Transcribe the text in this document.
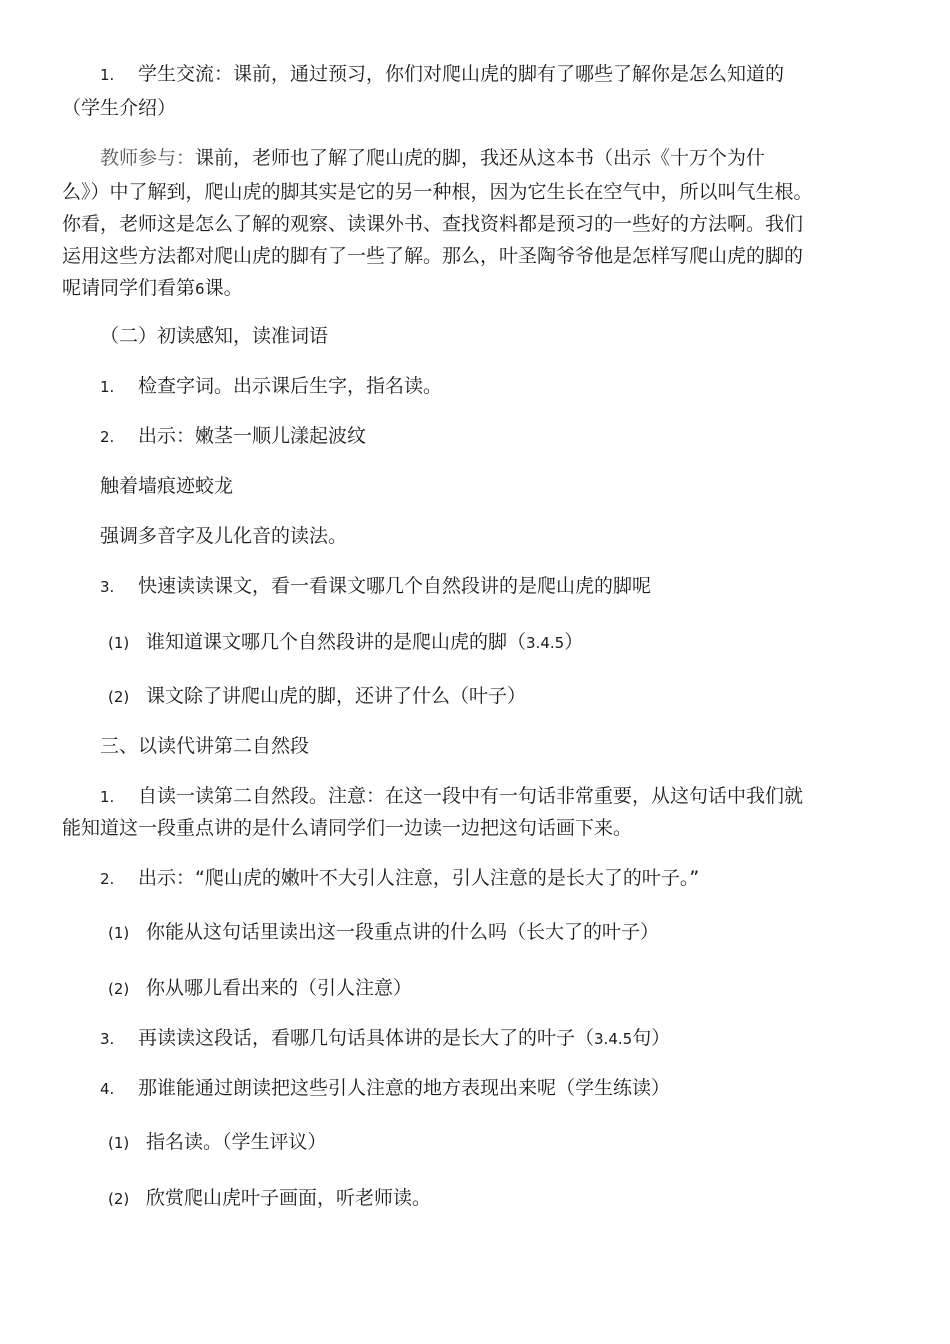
1. 学生交流：课前，通过预习，你们对爬山虎的脚有了哪些了解你是怎么知道的
（学生介绍）
教师参与：课前，老师也了解了爬山虎的脚，我还从这本书（出示《十万个为什
么》）中了解到，爬山虎的脚其实是它的另一种根，因为它生长在空气中，所以叫气生根。
你看，老师这是怎么了解的观察、读课外书、查找资料都是预习的一些好的方法啊。我们
运用这些方法都对爬山虎的脚有了一些了解。那么，叶圣陶爷爷他是怎样写爬山虎的脚的
呢请同学们看第6课。
（二）初读感知，读准词语
1. 检查字词。出示课后生字，指名读。
2. 出示：嫩茎一顺儿漾起波纹
触着墙痕迹蛟龙
强调多音字及儿化音的读法。
3. 快速读读课文，看一看课文哪几个自然段讲的是爬山虎的脚呢
(1) 谁知道课文哪几个自然段讲的是爬山虎的脚（3.4.5）
(2) 课文除了讲爬山虎的脚，还讲了什么（叶子）
三、以读代讲第二自然段
1. 自读一读第二自然段。注意：在这一段中有一句话非常重要，从这句话中我们就
能知道这一段重点讲的是什么请同学们一边读一边把这句话画下来。
2. 出示：“爬山虎的嫩叶不大引人注意，引人注意的是长大了的叶子。”
(1) 你能从这句话里读出这一段重点讲的什么吗（长大了的叶子）
(2) 你从哪儿看出来的（引人注意）
3. 再读读这段话，看哪几句话具体讲的是长大了的叶子（3.4.5句）
4. 那谁能通过朗读把这些引人注意的地方表现出来呢（学生练读）
(1) 指名读。（学生评议）
(2) 欣赏爬山虎叶子画面，听老师读。
